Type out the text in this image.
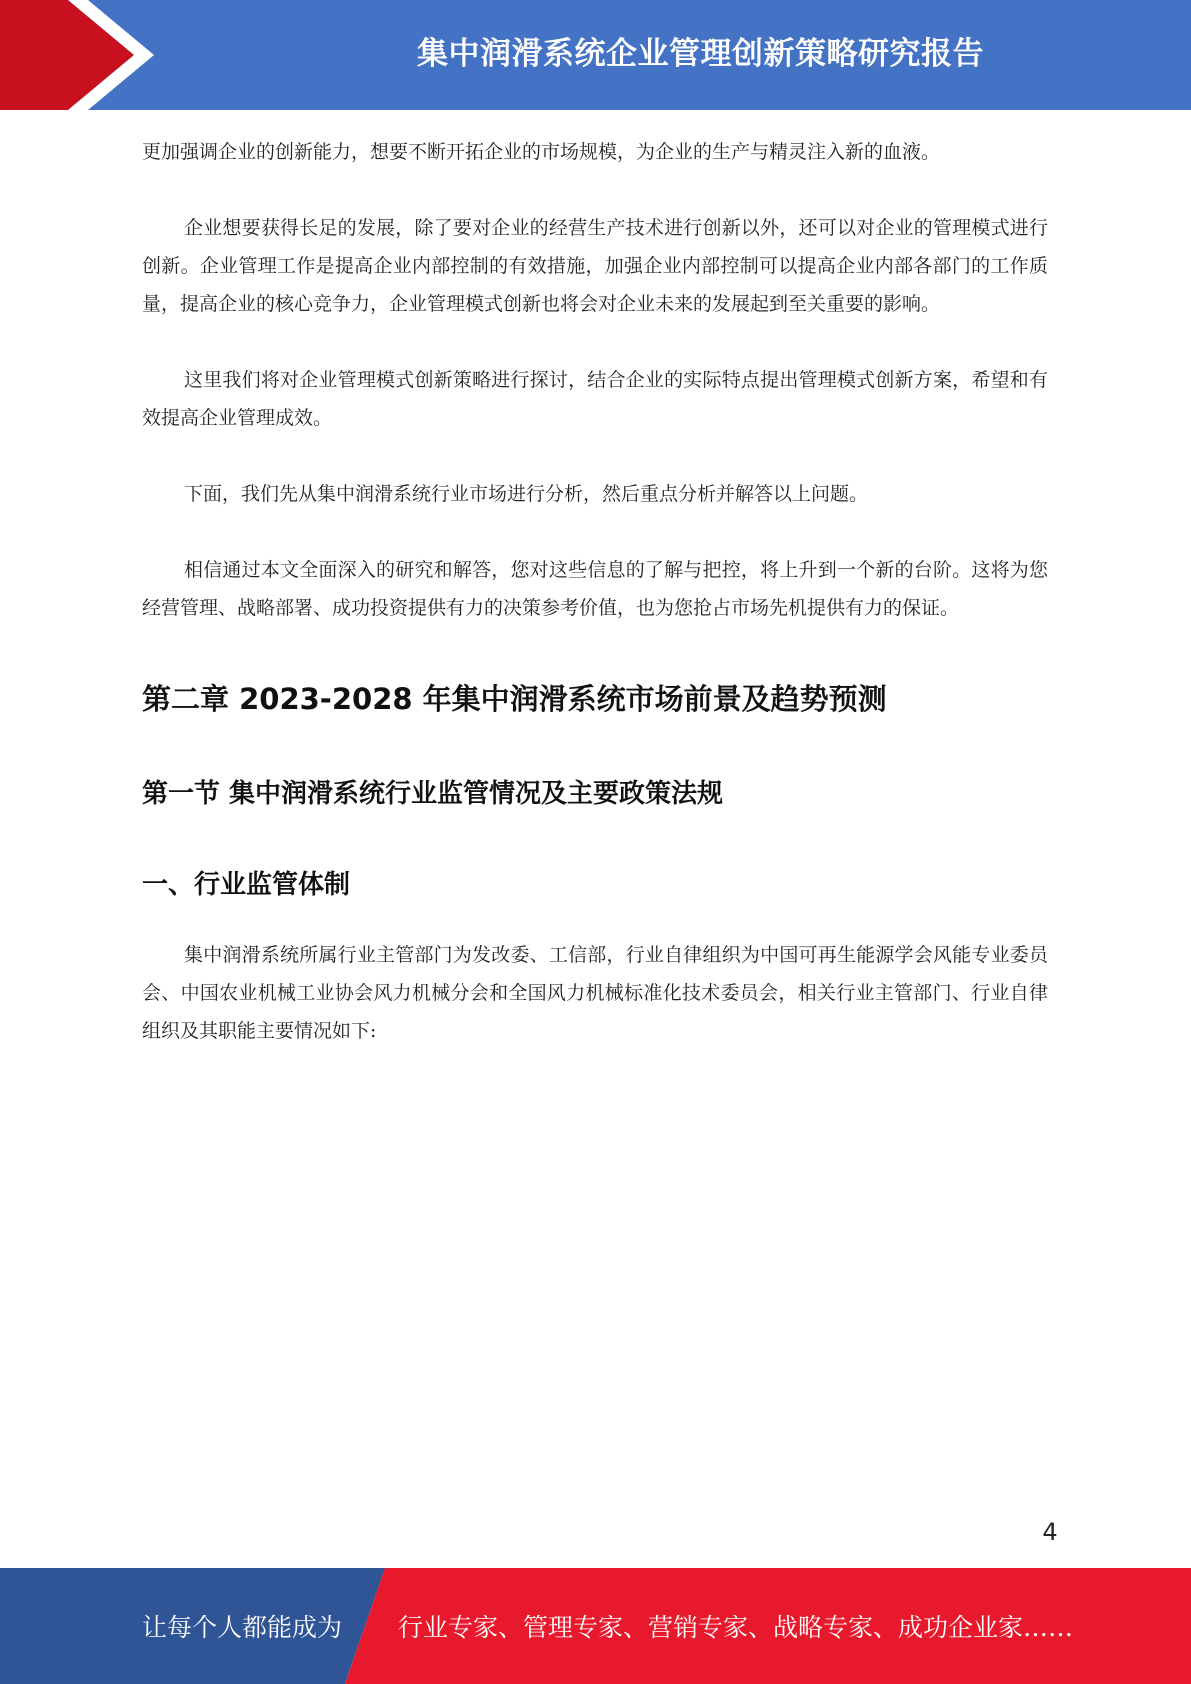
集中润滑系统企业管理创新策略研究报告

更加强调企业的创新能力，想要不断开拓企业的市场规模，为企业的生产与精灵注入新的血液。

企业想要获得长足的发展，除了要对企业的经营生产技术进行创新以外，还可以对企业的管理模式进行创新。企业管理工作是提高企业内部控制的有效措施，加强企业内部控制可以提高企业内部各部门的工作质量，提高企业的核心竞争力，企业管理模式创新也将会对企业未来的发展起到至关重要的影响。

这里我们将对企业管理模式创新策略进行探讨，结合企业的实际特点提出管理模式创新方案，希望和有效提高企业管理成效。

下面，我们先从集中润滑系统行业市场进行分析，然后重点分析并解答以上问题。

相信通过本文全面深入的研究和解答，您对这些信息的了解与把控，将上升到一个新的台阶。这将为您经营管理、战略部署、成功投资提供有力的决策参考价值，也为您抢占市场先机提供有力的保证。

第二章 2023-2028 年集中润滑系统市场前景及趋势预测
第一节 集中润滑系统行业监管情况及主要政策法规
一、行业监管体制

集中润滑系统所属行业主管部门为发改委、工信部，行业自律组织为中国可再生能源学会风能专业委员会、中国农业机械工业协会风力机械分会和全国风力机械标准化技术委员会，相关行业主管部门、行业自律组织及其职能主要情况如下:

4
让每个人都能成为 行业专家、管理专家、营销专家、战略专家、成功企业家……
